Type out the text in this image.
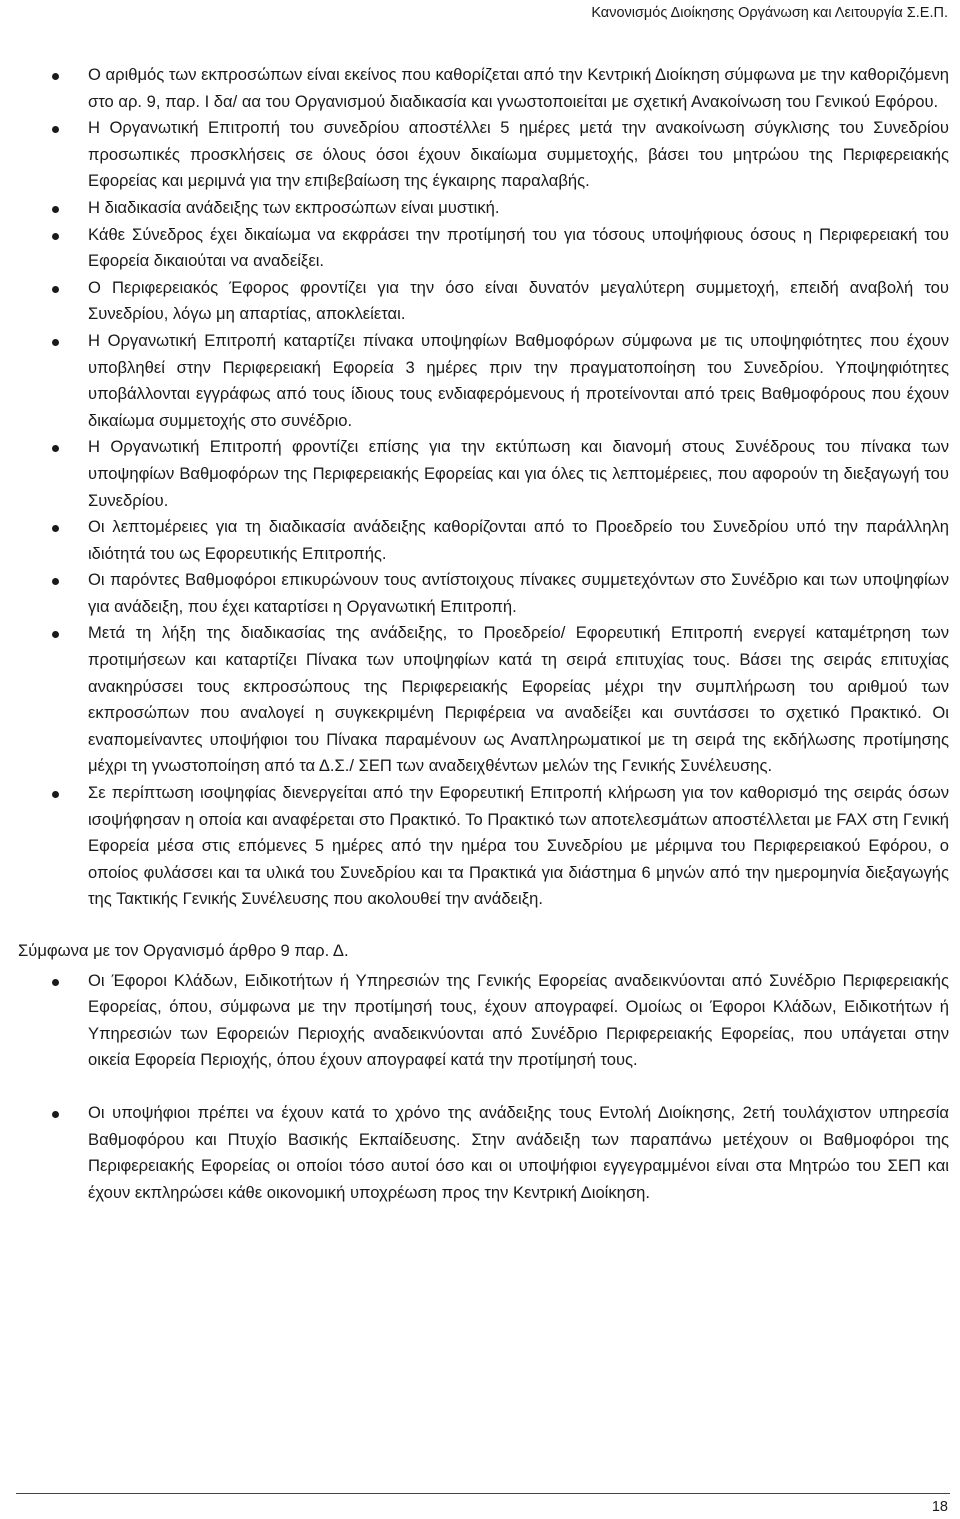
Κανονισμός Διοίκησης Οργάνωση και Λειτουργία Σ.Ε.Π.
Ο αριθμός των εκπροσώπων είναι εκείνος που καθορίζεται από την Κεντρική Διοίκηση σύμφωνα με την καθοριζόμενη στο αρ. 9, παρ. Ι δα/ αα του Οργανισμού διαδικασία και γνωστοποιείται με σχετική Ανακοίνωση του Γενικού Εφόρου.
Η Οργανωτική Επιτροπή του συνεδρίου αποστέλλει 5 ημέρες μετά την ανακοίνωση σύγκλισης του Συνεδρίου προσωπικές προσκλήσεις σε όλους όσοι έχουν δικαίωμα συμμετοχής, βάσει του μητρώου της Περιφερειακής Εφορείας και μεριμνά για την επιβεβαίωση της έγκαιρης παραλαβής.
Η διαδικασία ανάδειξης των εκπροσώπων είναι μυστική.
Κάθε Σύνεδρος έχει δικαίωμα να εκφράσει την προτίμησή του για τόσους υποψήφιους όσους η Περιφερειακή του Εφορεία δικαιούται να αναδείξει.
Ο Περιφερειακός Έφορος φροντίζει για την όσο είναι δυνατόν μεγαλύτερη συμμετοχή, επειδή αναβολή του Συνεδρίου, λόγω μη απαρτίας, αποκλείεται.
Η Οργανωτική Επιτροπή καταρτίζει πίνακα υποψηφίων Βαθμοφόρων σύμφωνα με τις υποψηφιότητες που έχουν υποβληθεί στην Περιφερειακή Εφορεία 3 ημέρες πριν την πραγματοποίηση του Συνεδρίου. Υποψηφιότητες υποβάλλονται εγγράφως από τους ίδιους τους ενδιαφερόμενους ή προτείνονται από τρεις Βαθμοφόρους που έχουν δικαίωμα συμμετοχής στο συνέδριο.
Η Οργανωτική Επιτροπή φροντίζει επίσης για την εκτύπωση και διανομή στους Συνέδρους του πίνακα των υποψηφίων Βαθμοφόρων της Περιφερειακής Εφορείας και για όλες τις λεπτομέρειες, που αφορούν τη διεξαγωγή του Συνεδρίου.
Οι λεπτομέρειες για τη διαδικασία ανάδειξης καθορίζονται από το Προεδρείο του Συνεδρίου υπό την παράλληλη ιδιότητά του ως Εφορευτικής Επιτροπής.
Οι παρόντες Βαθμοφόροι επικυρώνουν τους αντίστοιχους πίνακες συμμετεχόντων στο Συνέδριο και των υποψηφίων για ανάδειξη, που έχει καταρτίσει η Οργανωτική Επιτροπή.
Μετά τη λήξη της διαδικασίας της ανάδειξης, το Προεδρείο/ Εφορευτική Επιτροπή ενεργεί καταμέτρηση των προτιμήσεων και καταρτίζει Πίνακα των υποψηφίων κατά τη σειρά επιτυχίας τους. Βάσει της σειράς επιτυχίας ανακηρύσσει τους εκπροσώπους της Περιφερειακής Εφορείας μέχρι την συμπλήρωση του αριθμού των εκπροσώπων που αναλογεί η συγκεκριμένη Περιφέρεια να αναδείξει και συντάσσει το σχετικό Πρακτικό. Οι εναπομείναντες υποψήφιοι του Πίνακα παραμένουν ως Αναπληρωματικοί με τη σειρά της εκδήλωσης προτίμησης μέχρι τη γνωστοποίηση από τα Δ.Σ./ ΣΕΠ των αναδειχθέντων μελών της Γενικής Συνέλευσης.
Σε περίπτωση ισοψηφίας διενεργείται από την Εφορευτική Επιτροπή κλήρωση για τον καθορισμό της σειράς όσων ισοψήφησαν η οποία και αναφέρεται στο Πρακτικό. Το Πρακτικό των αποτελεσμάτων αποστέλλεται με FAX στη Γενική Εφορεία μέσα στις επόμενες 5 ημέρες από την ημέρα του Συνεδρίου με μέριμνα του Περιφερειακού Εφόρου, ο οποίος φυλάσσει και τα υλικά του Συνεδρίου και τα Πρακτικά για διάστημα 6 μηνών από την ημερομηνία διεξαγωγής της Τακτικής Γενικής Συνέλευσης που ακολουθεί την ανάδειξη.

Σύμφωνα με τον Οργανισμό άρθρο 9 παρ. Δ.

Οι Έφοροι Κλάδων, Ειδικοτήτων ή Υπηρεσιών της Γενικής Εφορείας αναδεικνύονται από Συνέδριο Περιφερειακής Εφορείας, όπου, σύμφωνα με την προτίμησή τους, έχουν απογραφεί. Ομοίως οι Έφοροι Κλάδων, Ειδικοτήτων ή Υπηρεσιών των Εφορειών Περιοχής αναδεικνύονται από Συνέδριο Περιφερειακής Εφορείας, που υπάγεται στην οικεία Εφορεία Περιοχής, όπου έχουν απογραφεί κατά την προτίμησή τους.
Οι υποψήφιοι πρέπει να έχουν κατά το χρόνο της ανάδειξης τους Εντολή Διοίκησης, 2ετή τουλάχιστον υπηρεσία Βαθμοφόρου και Πτυχίο Βασικής Εκπαίδευσης. Στην ανάδειξη των παραπάνω μετέχουν οι Βαθμοφόροι της Περιφερειακής Εφορείας οι οποίοι τόσο αυτοί όσο και οι υποψήφιοι εγγεγραμμένοι είναι στα Μητρώο του ΣΕΠ και έχουν εκπληρώσει κάθε οικονομική υποχρέωση προς την Κεντρική Διοίκηση.
18
